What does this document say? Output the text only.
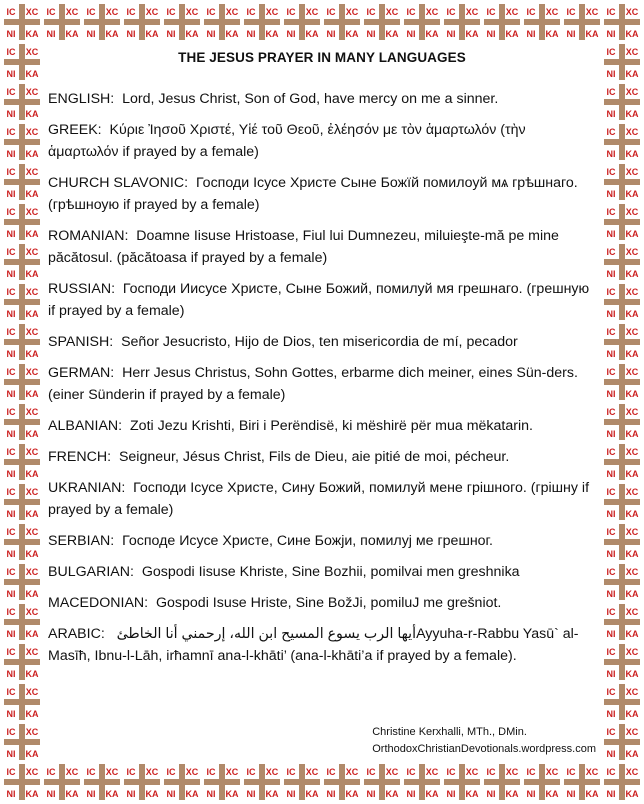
IC XC
NI KA
IC XC
NI KA
IC XC
NI KA
IC XC
NI KA
IC XC
NI KA
IC XC
NI KA
IC XC
NI KA
IC XC
NI KA
IC XC
NI KA
IC XC
NI KA
IC XC
NI KA
IC XC
NI KA
IC XC
NI KA
IC XC
NI KA
IC XC
NI KA
IC XC
NI KA
IC XC
NI KA
IC XC
NI KA
IC XC
NI KA
IC XC
NI KA
IC XC
NI KA
IC XC
NI KA
IC XC
NI KA
IC XC
NI KA
IC XC
NI KA
IC XC
NI KA
IC XC
NI KA
IC XC
NI KA
IC XC
NI KA
IC XC
NI KA
IC XC
NI KA
IC XC
NI KA
IC XC
NI KA
IC XC
NI KA
IC XC
NI KA
IC XC
NI KA
IC XC
NI KA
IC XC
NI KA
IC XC
NI KA
IC XC
NI KA
IC XC
NI KA
IC XC
NI KA
IC XC
NI KA
IC XC
NI KA
IC XC
NI KA
IC XC
NI KA
IC XC
NI KA
IC XC
NI KA
IC XC
NI KA
IC XC
NI KA
IC XC
NI KA
IC XC
NI KA
IC XC
NI KA
IC XC
NI KA
IC XC
NI KA
IC XC
NI KA
IC XC
NI KA
IC XC
NI KA
IC XC
NI KA
IC XC
NI KA
IC XC
NI KA
IC XC
NI KA
IC XC
NI KA
IC XC
NI KA
IC XC
NI KA
IC XC
NI KA
IC XC
NI KA
IC XC
NI KA
THE JESUS PRAYER IN MANY LANGUAGES
ENGLISH: Lord, Jesus Christ, Son of God, have mercy on me a sinner.
GREEK: Κύριε Ἰησοῦ Χριστέ, Υἱέ τοῦ Θεοῦ, ἐλέησόν με τὸν ἁμαρτωλόν (τὴν ἁμαρτωλόν if prayed by a female)
CHURCH SLAVONIC: Господи Ісусе Христе Сыне Божїй помилоуй мѧ грѣшнаго. (грѣшноую if prayed by a female)
ROMANIAN: Doamne Iisuse Hristoase, Fiul lui Dumnezeu, miluieşte-mă pe mine păcătosul. (păcătoasa if prayed by a female)
RUSSIAN: Господи Иисусе Христе, Сыне Божий, помилуй мя грешнаго. (грешную if prayed by a female)
SPANISH: Señor Jesucristo, Hijo de Dios, ten misericordia de mí, pecador
GERMAN: Herr Jesus Christus, Sohn Gottes, erbarme dich meiner, eines Sün-ders. (einer Sünderin if prayed by a female)
ALBANIAN: Zoti Jezu Krishti, Biri i Perëndisë, ki mëshirë për mua mëkatarin.
FRENCH: Seigneur, Jésus Christ, Fils de Dieu, aie pitié de moi, pécheur.
UKRANIAN: Господи Ісусе Христе, Сину Божий, помилуй мене грішного. (грішну if prayed by a female)
SERBIAN: Господе Исусе Христе, Сине Божји, помилуј ме грешног.
BULGARIAN: Gospodi Iisuse Khriste, Sine Bozhii, pomilvai men greshnika
MACEDONIAN: Gospodi Isuse Hriste, Sine BožJi, pomiluJ me grešniot.
ARABIC: أيها الرب يسوع المسيح ابن الله، إرحمني أنا الخاطئAyyuha-r-Rabbu Yasū` al-Masīħ, Ibnu-l-Lāh, irħamnī ana-l-khāti’ (ana-l-khāti’a if prayed by a female).
Christine Kerxhalli, MTh., DMin.
OrthodoxChristianDevotionals.wordpress.com
